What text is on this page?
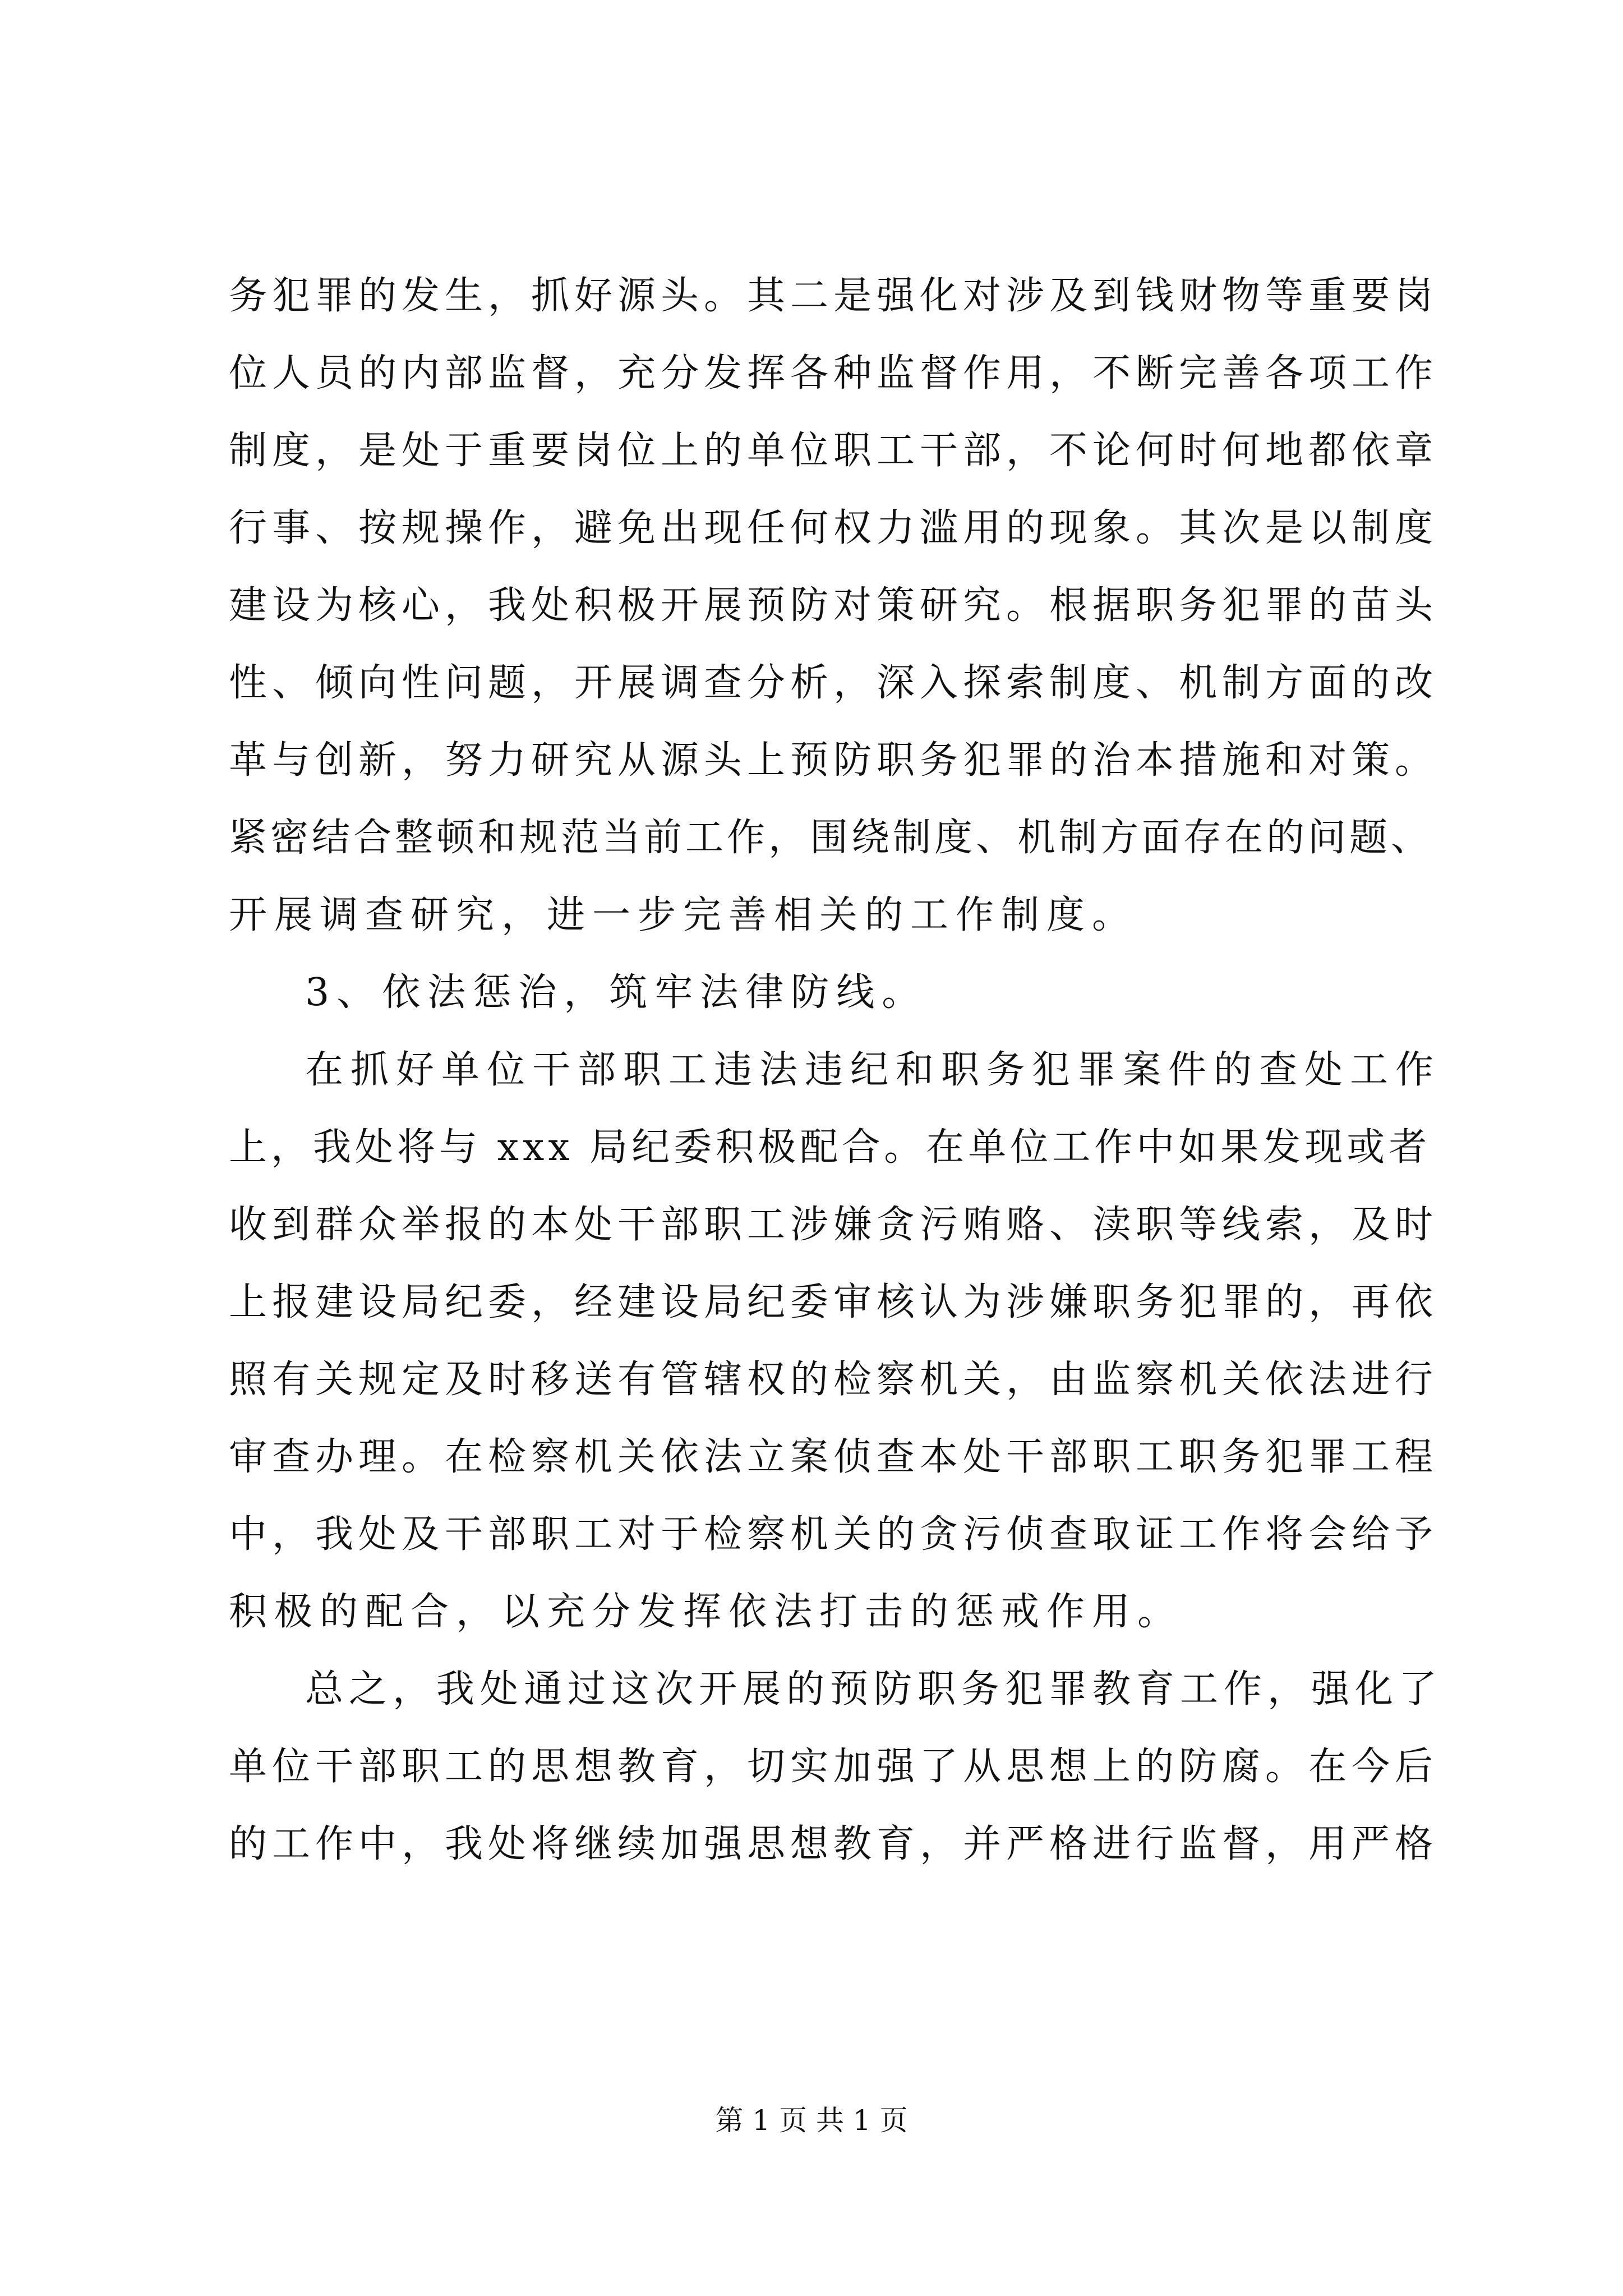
务犯罪的发生，抓好源头。其二是强化对涉及到钱财物等重要岗
位人员的内部监督，充分发挥各种监督作用，不断完善各项工作
制度，是处于重要岗位上的单位职工干部，不论何时何地都依章
行事、按规操作，避免出现任何权力滥用的现象。其次是以制度
建设为核心，我处积极开展预防对策研究。根据职务犯罪的苗头
性、倾向性问题，开展调查分析，深入探索制度、机制方面的改
革与创新，努力研究从源头上预防职务犯罪的治本措施和对策。
紧密结合整顿和规范当前工作，围绕制度、机制方面存在的问题、
开展调查研究，进一步完善相关的工作制度。
3、依法惩治，筑牢法律防线。
在抓好单位干部职工违法违纪和职务犯罪案件的查处工作
上，我处将与 xxx 局纪委积极配合。在单位工作中如果发现或者
收到群众举报的本处干部职工涉嫌贪污贿赂、渎职等线索，及时
上报建设局纪委，经建设局纪委审核认为涉嫌职务犯罪的，再依
照有关规定及时移送有管辖权的检察机关，由监察机关依法进行
审查办理。在检察机关依法立案侦查本处干部职工职务犯罪工程
中，我处及干部职工对于检察机关的贪污侦查取证工作将会给予
积极的配合，以充分发挥依法打击的惩戒作用。
总之，我处通过这次开展的预防职务犯罪教育工作，强化了
单位干部职工的思想教育，切实加强了从思想上的防腐。在今后
的工作中，我处将继续加强思想教育，并严格进行监督，用严格
第 1 页 共 1 页
